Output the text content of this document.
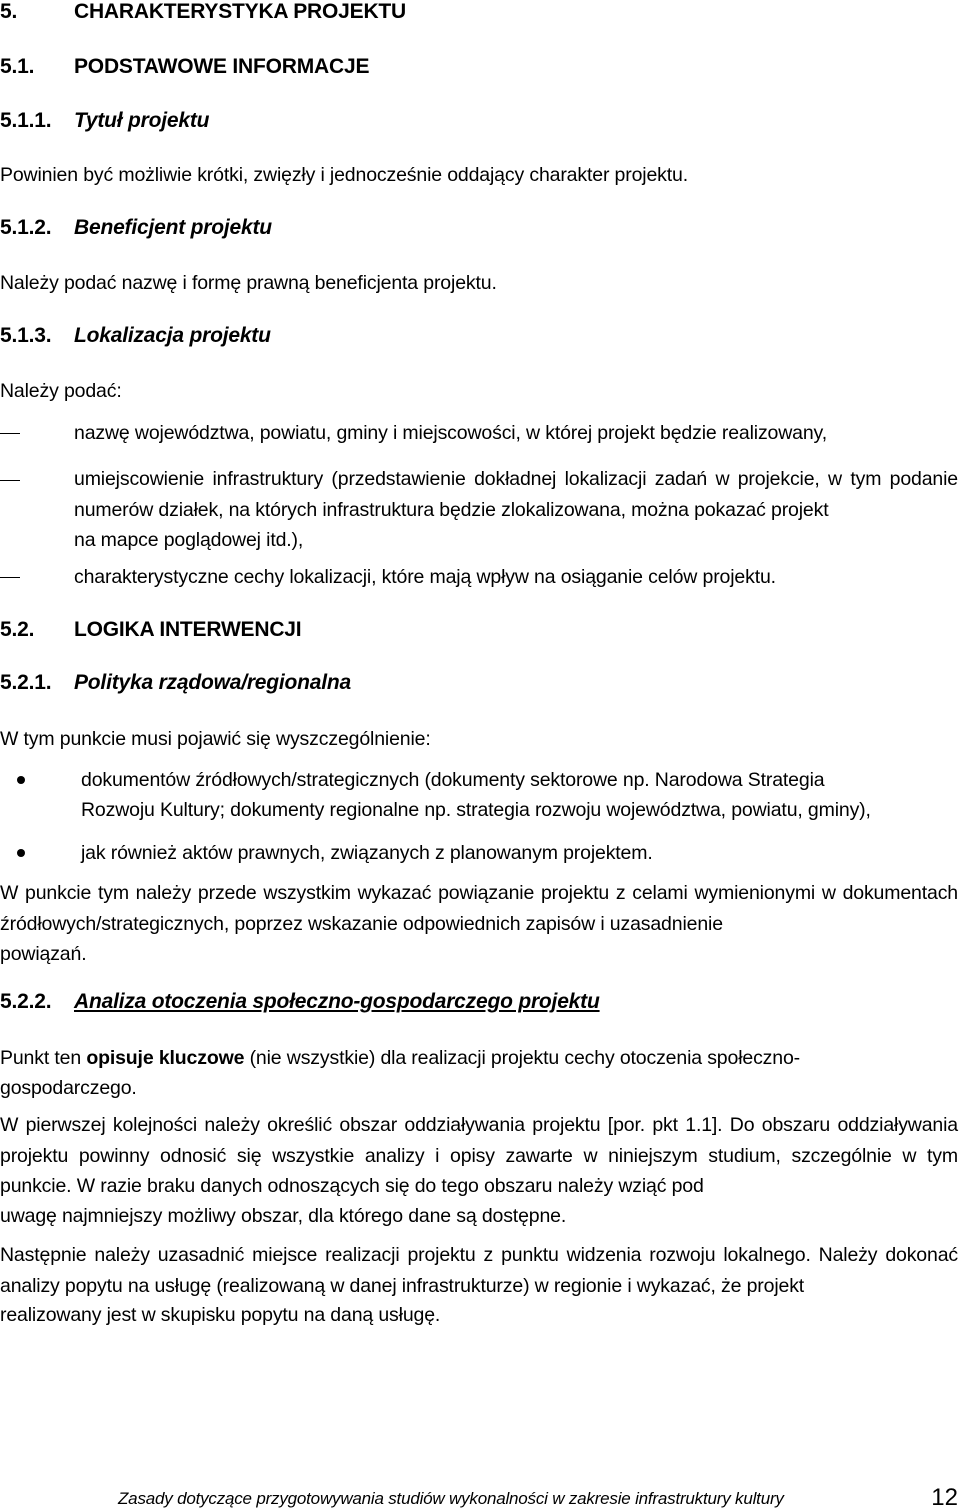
5.	CHARAKTERYSTYKA PROJEKTU
5.1.	PODSTAWOWE INFORMACJE
5.1.1.	Tytuł projektu
Powinien być możliwie krótki, zwięzły i jednocześnie oddający charakter projektu.
5.1.2.	Beneficjent projektu
Należy podać nazwę i formę prawną beneficjenta projektu.
5.1.3.	Lokalizacja projektu
Należy podać:
nazwę województwa, powiatu, gminy i miejscowości, w której projekt będzie realizowany,
umiejscowienie infrastruktury (przedstawienie dokładnej lokalizacji zadań w projekcie, w tym podanie numerów działek, na których infrastruktura będzie zlokalizowana, można pokazać projekt
na mapce poglądowej itd.),
charakterystyczne cechy lokalizacji, które mają wpływ na osiąganie celów projektu.
5.2.	LOGIKA INTERWENCJI
5.2.1.	Polityka rządowa/regionalna
W tym punkcie musi pojawić się wyszczególnienie:
dokumentów źródłowych/strategicznych (dokumenty sektorowe np. Narodowa Strategia
Rozwoju Kultury; dokumenty regionalne np. strategia rozwoju województwa, powiatu, gminy),
jak również aktów prawnych, związanych z planowanym projektem.
W punkcie tym należy przede wszystkim wykazać powiązanie projektu z celami wymienionymi w dokumentach źródłowych/strategicznych, poprzez wskazanie odpowiednich zapisów i uzasadnienie
powiązań.
5.2.2.	Analiza otoczenia społeczno-gospodarczego projektu
Punkt ten opisuje kluczowe (nie wszystkie) dla realizacji projektu cechy otoczenia społeczno-
gospodarczego.
W pierwszej kolejności należy określić obszar oddziaływania projektu [por. pkt 1.1]. Do obszaru oddziaływania projektu powinny odnosić się wszystkie analizy i opisy zawarte w niniejszym studium, szczególnie w tym punkcie. W razie braku danych odnoszących się do tego obszaru należy wziąć pod
uwagę najmniejszy możliwy obszar, dla którego dane są dostępne.
Następnie należy uzasadnić miejsce realizacji projektu z punktu widzenia rozwoju lokalnego. Należy dokonać analizy popytu na usługę (realizowaną w danej infrastrukturze) w regionie i wykazać, że projekt
realizowany jest w skupisku popytu na daną usługę.
Zasady dotyczące przygotowywania studiów wykonalności w zakresie infrastruktury kultury	12
